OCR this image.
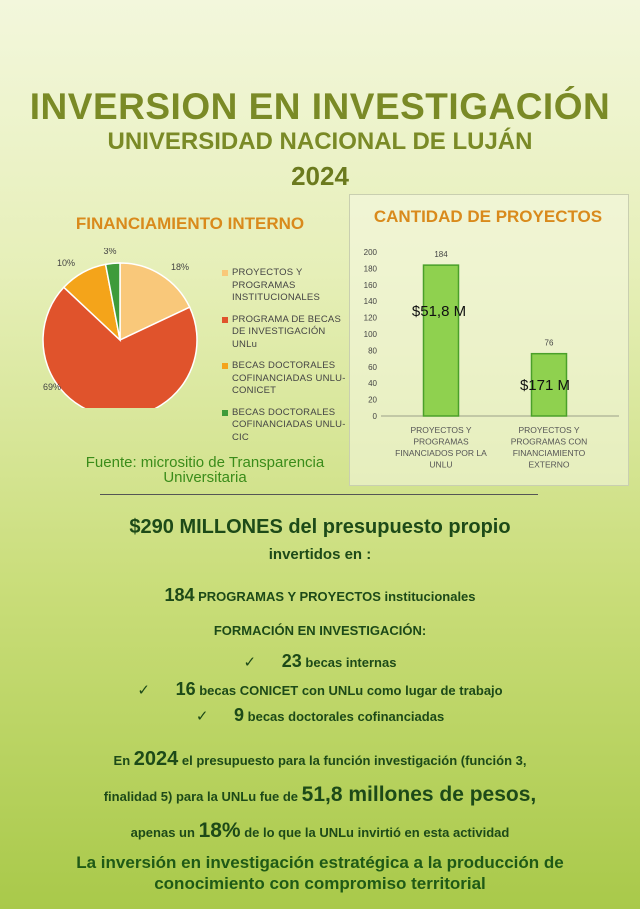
INVERSION EN INVESTIGACIÓN
UNIVERSIDAD NACIONAL DE LUJÁN
2024
FINANCIAMIENTO INTERNO
18%
69%
10%
3%
PROYECTOS Y PROGRAMAS INSTITUCIONALES
PROGRAMA DE BECAS DE INVESTIGACIÓN UNLu
BECAS DOCTORALES COFINANCIADAS UNLU-CONICET
BECAS DOCTORALES COFINANCIADAS UNLU-CIC
Fuente: micrositio de Transparencia Universitaria
CANTIDAD DE PROYECTOS
0
20
40
60
80
100
120
140
160
180
200	184
$51,8 M
PROYECTOS Y
PROGRAMAS
FINANCIADOS POR LA
UNLU
76
$171 M
PROYECTOS Y
PROGRAMAS CON
FINANCIAMIENTO
EXTERNO
$290 MILLONES del presupuesto propio
invertidos en :
184 PROGRAMAS Y PROYECTOS institucionales
FORMACIÓN EN INVESTIGACIÓN:
✓ 23 becas internas
✓ 16 becas CONICET con UNLu como lugar de trabajo
✓ 9 becas doctorales cofinanciadas
En 2024 el presupuesto para la función investigación (función 3,
finalidad 5) para la UNLu fue de 51,8 millones de pesos,
apenas un 18% de lo que la UNLu invirtió en esta actividad
La inversión en investigación estratégica a la producción de conocimiento con compromiso territorial
